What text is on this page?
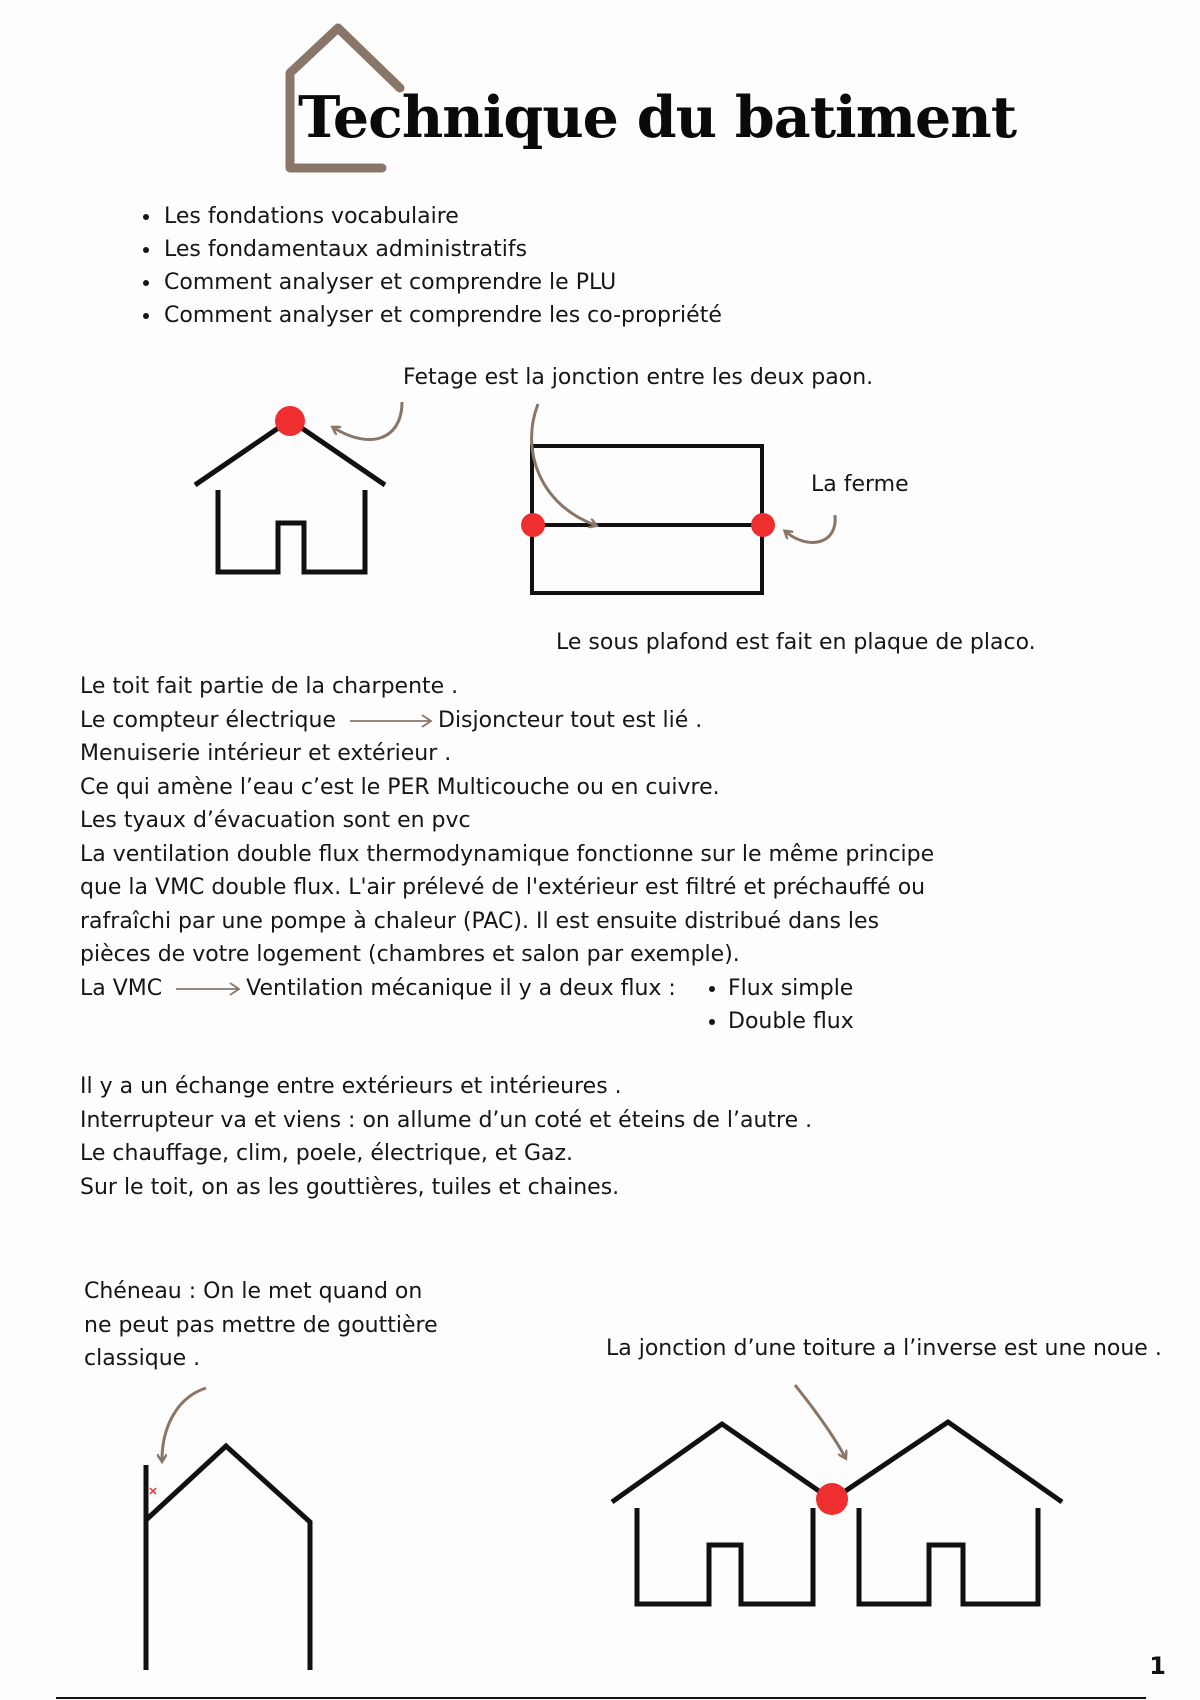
Technique du batiment
• Les fondations vocabulaire
• Les fondamentaux administratifs
• Comment analyser et comprendre le PLU
• Comment analyser et comprendre les co-propriété
Fetage est la jonction entre les deux paon.
La ferme
Le sous plafond est fait en plaque de placo.
Le toit fait partie de la charpente .
Le compteur électrique	Disjoncteur tout est lié .
Menuiserie intérieur et extérieur .
Ce qui amène l’eau c’est le PER Multicouche ou en cuivre.
Les tyaux d’évacuation sont en pvc
La ventilation double flux thermodynamique fonctionne sur le même principe
que la VMC double flux. L'air prélevé de l'extérieur est filtré et préchauffé ou
rafraîchi par une pompe à chaleur (PAC). Il est ensuite distribué dans les
pièces de votre logement (chambres et salon par exemple).
La VMC	Ventilation mécanique il y a deux flux :
• Flux simple
• Double flux
Il y a un échange entre extérieurs et intérieures .
Interrupteur va et viens : on allume d’un coté et éteins de l’autre .
Le chauffage, clim, poele, électrique, et Gaz.
Sur le toit, on as les gouttières, tuiles et chaines.
Chéneau : On le met quand on
ne peut pas mettre de gouttière
classique .	La jonction d’une toiture a l’inverse est une noue .
1
